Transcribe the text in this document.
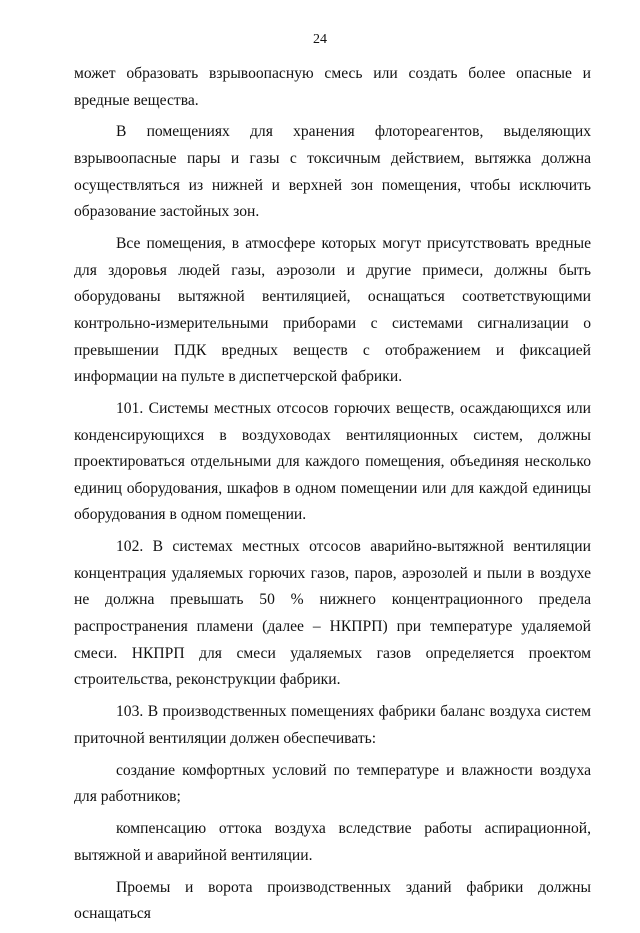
24

может образовать взрывоопасную смесь или создать более опасные и вредные вещества.

В помещениях для хранения флотореагентов, выделяющих взрывоопасные пары и газы с токсичным действием, вытяжка должна осуществляться из нижней и верхней зон помещения, чтобы исключить образование застойных зон.

Все помещения, в атмосфере которых могут присутствовать вредные для здоровья людей газы, аэрозоли и другие примеси, должны быть оборудованы вытяжной вентиляцией, оснащаться соответствующими контрольно-измерительными приборами с системами сигнализации о превышении ПДК вредных веществ с отображением и фиксацией информации на пульте в диспетчерской фабрики.

101. Системы местных отсосов горючих веществ, осаждающихся или конденсирующихся в воздуховодах вентиляционных систем, должны проектироваться отдельными для каждого помещения, объединяя несколько единиц оборудования, шкафов в одном помещении или для каждой единицы оборудования в одном помещении.

102. В системах местных отсосов аварийно-вытяжной вентиляции концентрация удаляемых горючих газов, паров, аэрозолей и пыли в воздухе не должна превышать 50 % нижнего концентрационного предела распространения пламени (далее – НКПРП) при температуре удаляемой смеси. НКПРП для смеси удаляемых газов определяется проектом строительства, реконструкции фабрики.

103. В производственных помещениях фабрики баланс воздуха систем приточной вентиляции должен обеспечивать:

создание комфортных условий по температуре и влажности воздуха для работников;

компенсацию оттока воздуха вследствие работы аспирационной, вытяжной и аварийной вентиляции.

Проемы и ворота производственных зданий фабрики должны оснащаться
